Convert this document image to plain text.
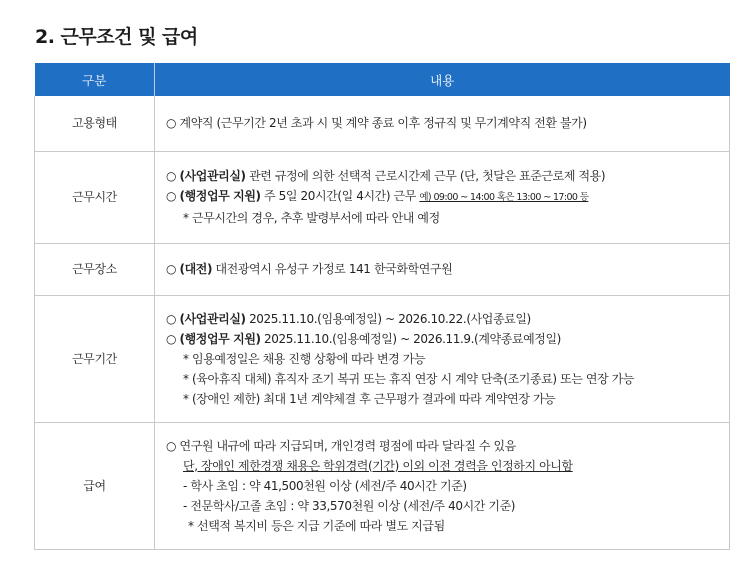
2. 근무조건 및 급여
구분	내용
고용형태	○ 계약직 (근무기간 2년 초과 시 및 계약 종료 이후 정규직 및 무기계약직 전환 불가)

근무시간	○ (사업관리실) 관련 규정에 의한 선택적 근로시간제 근무 (단, 첫달은 표준근로제 적용)
○ (행정업무 지원) 주 5일 20시간(일 4시간) 근무 예) 09:00 ~ 14:00 혹은 13:00 ~ 17:00 등
* 근무시간의 경우, 추후 발령부서에 따라 안내 예정

근무장소	○ (대전) 대전광역시 유성구 가정로 141 한국화학연구원

근무기간	○ (사업관리실) 2025.11.10.(임용예정일) ~ 2026.10.22.(사업종료일)
○ (행정업무 지원) 2025.11.10.(임용예정일) ~ 2026.11.9.(계약종료예정일)
* 임용예정일은 채용 진행 상황에 따라 변경 가능
* (육아휴직 대체) 휴직자 조기 복귀 또는 휴직 연장 시 계약 단축(조기종료) 또는 연장 가능
* (장애인 제한) 최대 1년 계약체결 후 근무평가 결과에 따라 계약연장 가능

급여	○ 연구원 내규에 따라 지급되며, 개인경력 평점에 따라 달라질 수 있음
단, 장애인 제한경쟁 채용은 학위경력(기간) 이외 이전 경력을 인정하지 아니함
- 학사 초임 : 약 41,500천원 이상 (세전/주 40시간 기준)
- 전문학사/고졸 초임 : 약 33,570천원 이상 (세전/주 40시간 기준)
* 선택적 복지비 등은 지급 기준에 따라 별도 지급됨
